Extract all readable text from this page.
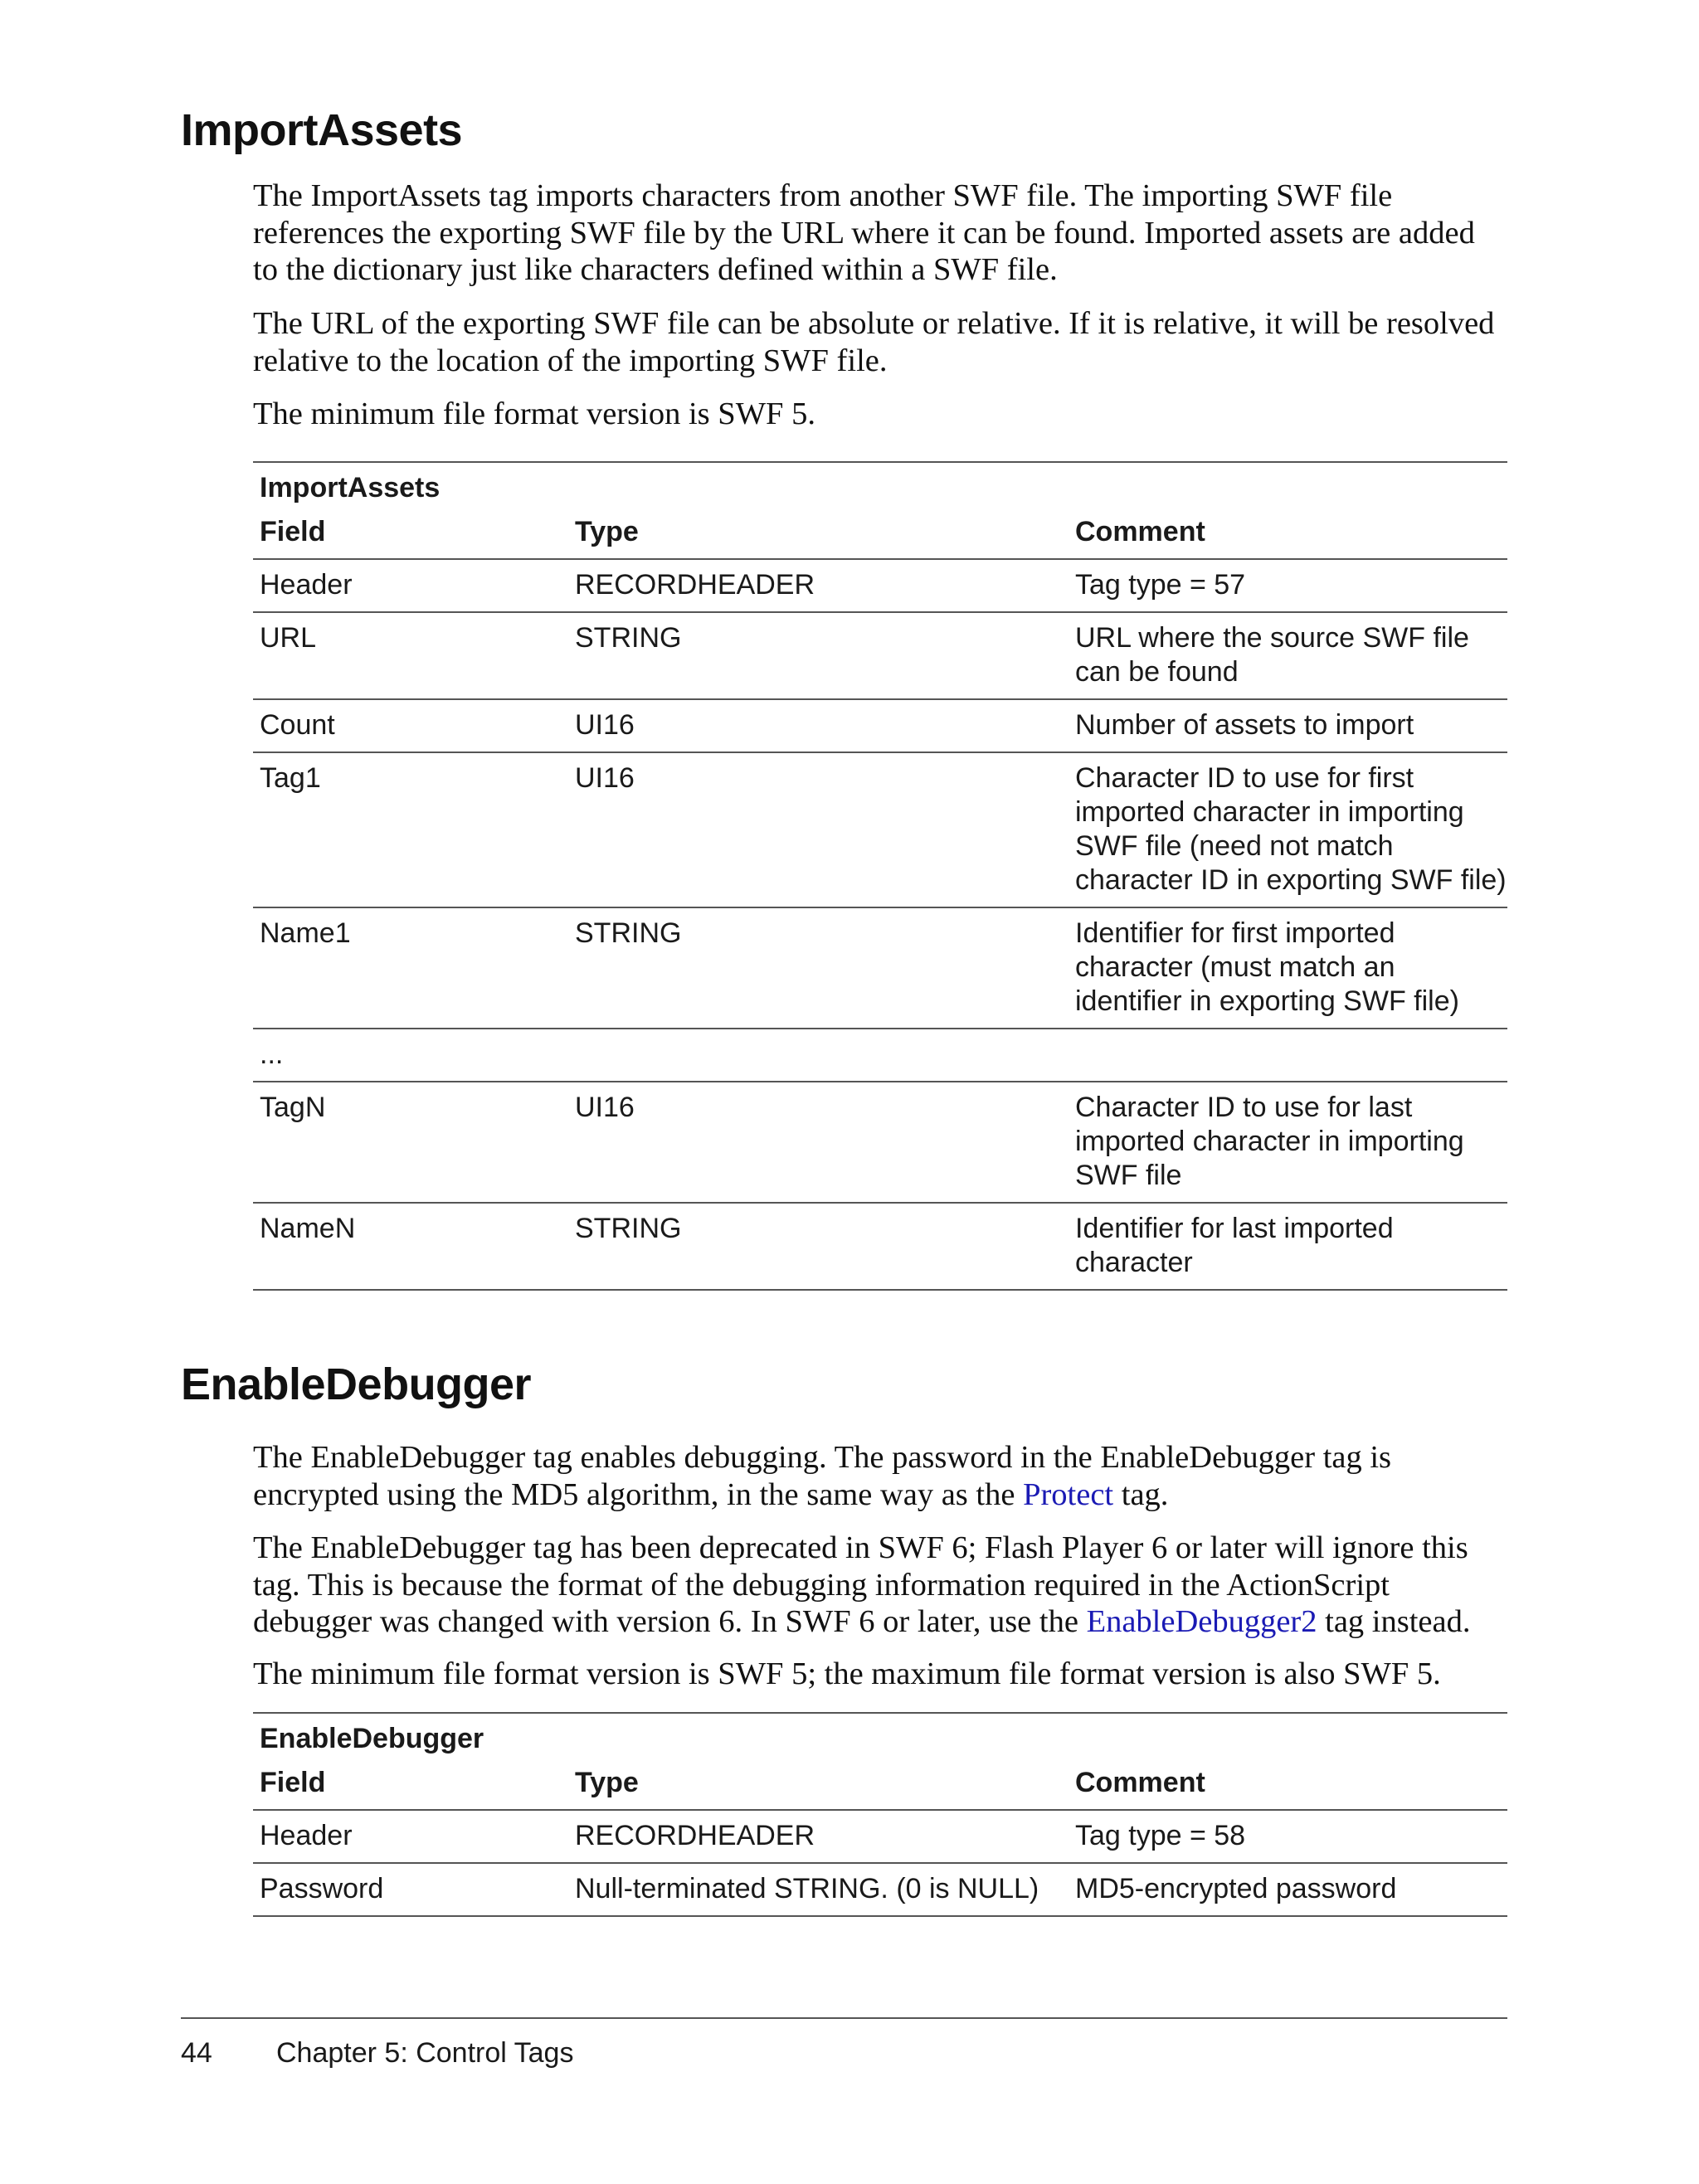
ImportAssets

The ImportAssets tag imports characters from another SWF file. The importing SWF file references the exporting SWF file by the URL where it can be found. Imported assets are added to the dictionary just like characters defined within a SWF file.

The URL of the exporting SWF file can be absolute or relative. If it is relative, it will be resolved relative to the location of the importing SWF file.

The minimum file format version is SWF 5.

ImportAssets		
Field	Type	Comment
Header	RECORDHEADER	Tag type = 57
URL	STRING	URL where the source SWF file can be found
Count	UI16	Number of assets to import
Tag1	UI16	Character ID to use for first imported character in importing SWF file (need not match character ID in exporting SWF file)
Name1	STRING	Identifier for first imported character (must match an identifier in exporting SWF file)
...		
TagN	UI16	Character ID to use for last imported character in importing SWF file
NameN	STRING	Identifier for last imported character
EnableDebugger

The EnableDebugger tag enables debugging. The password in the EnableDebugger tag is encrypted using the MD5 algorithm, in the same way as the Protect tag.

The EnableDebugger tag has been deprecated in SWF 6; Flash Player 6 or later will ignore this tag. This is because the format of the debugging information required in the ActionScript debugger was changed with version 6. In SWF 6 or later, use the EnableDebugger2 tag instead.

The minimum file format version is SWF 5; the maximum file format version is also SWF 5.

EnableDebugger		
Field	Type	Comment
Header	RECORDHEADER	Tag type = 58
Password	Null-terminated STRING. (0 is NULL)	MD5-encrypted password
44 Chapter 5: Control Tags
